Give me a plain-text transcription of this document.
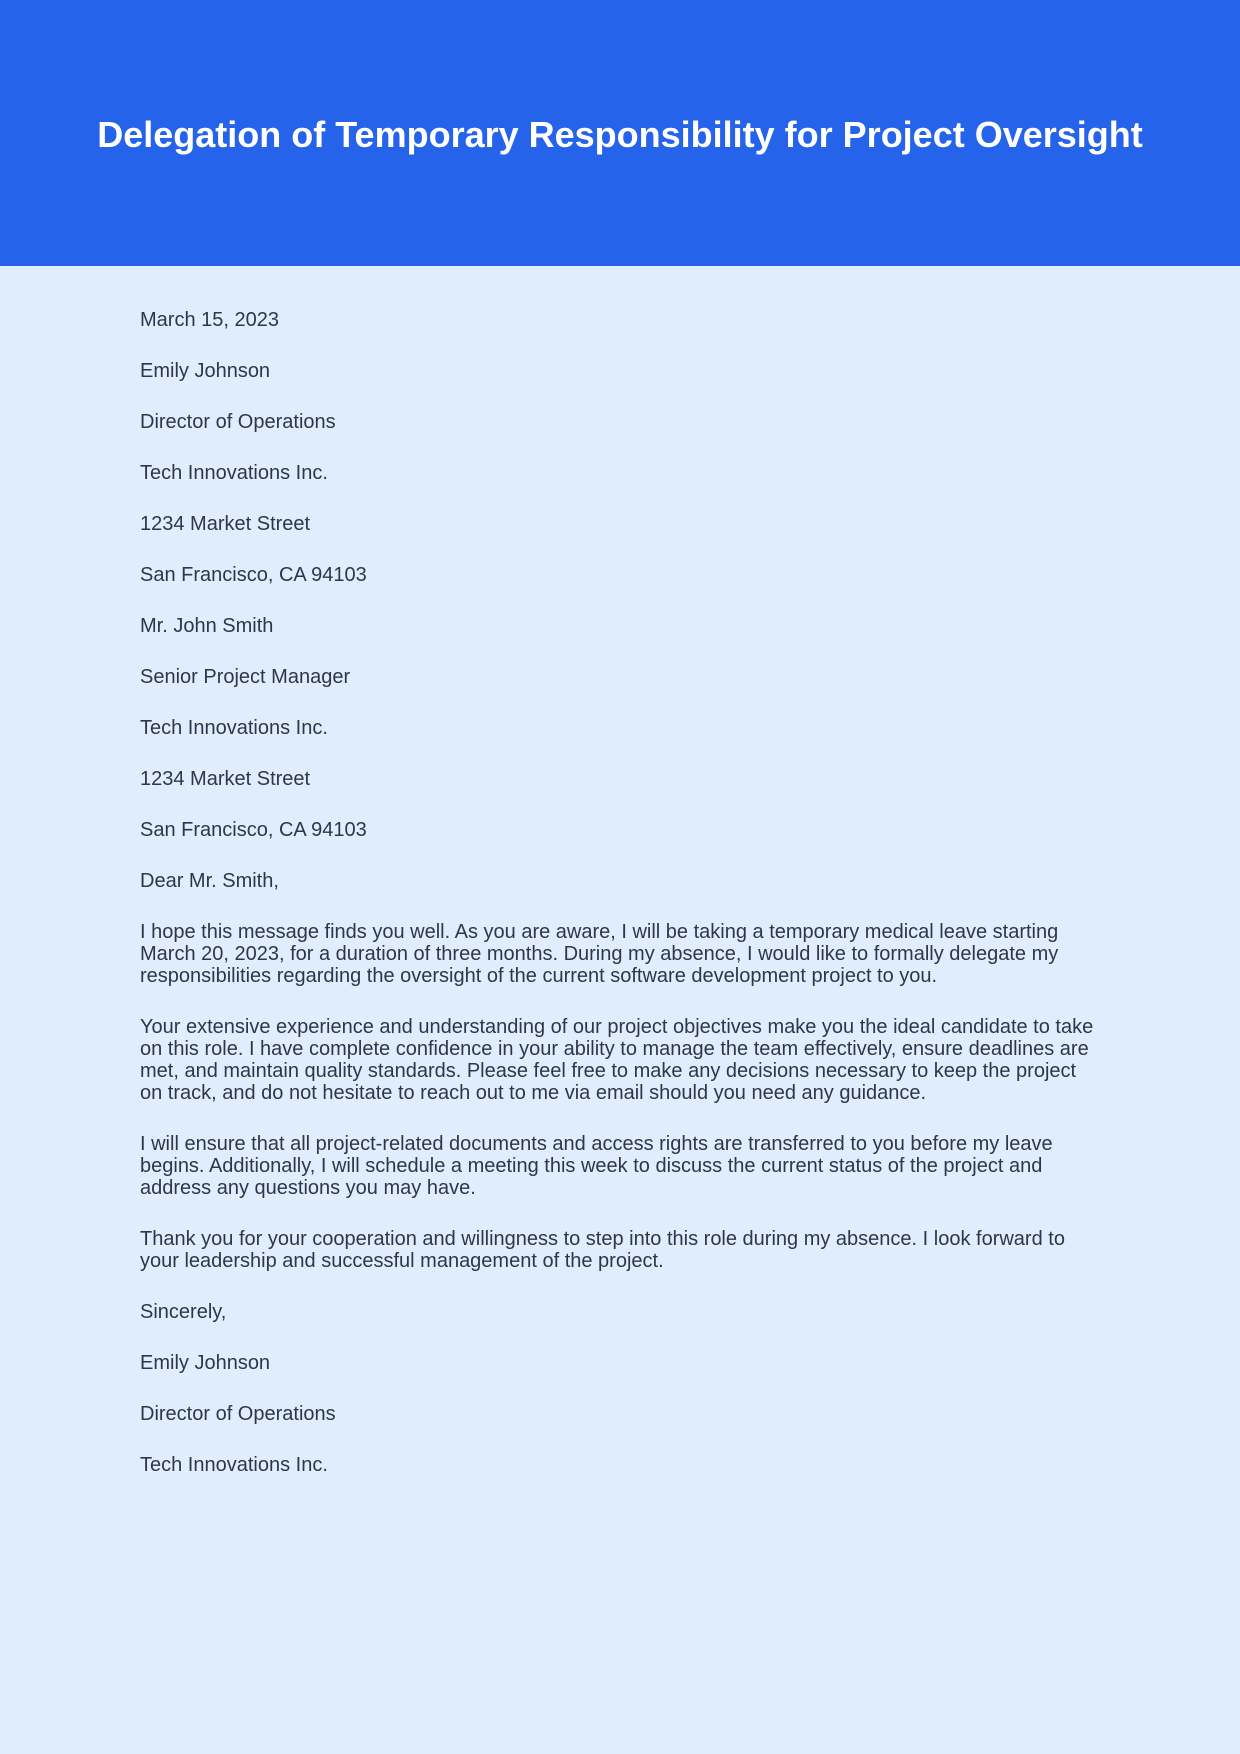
Delegation of Temporary Responsibility for Project Oversight

March 15, 2023

Emily Johnson

Director of Operations

Tech Innovations Inc.

1234 Market Street

San Francisco, CA 94103

Mr. John Smith

Senior Project Manager

Tech Innovations Inc.

1234 Market Street

San Francisco, CA 94103

Dear Mr. Smith,

I hope this message finds you well. As you are aware, I will be taking a temporary medical leave starting March 20, 2023, for a duration of three months. During my absence, I would like to formally delegate my responsibilities regarding the oversight of the current software development project to you.

Your extensive experience and understanding of our project objectives make you the ideal candidate to take on this role. I have complete confidence in your ability to manage the team effectively, ensure deadlines are met, and maintain quality standards. Please feel free to make any decisions necessary to keep the project on track, and do not hesitate to reach out to me via email should you need any guidance.

I will ensure that all project-related documents and access rights are transferred to you before my leave begins. Additionally, I will schedule a meeting this week to discuss the current status of the project and address any questions you may have.

Thank you for your cooperation and willingness to step into this role during my absence. I look forward to your leadership and successful management of the project.

Sincerely,

Emily Johnson

Director of Operations

Tech Innovations Inc.
